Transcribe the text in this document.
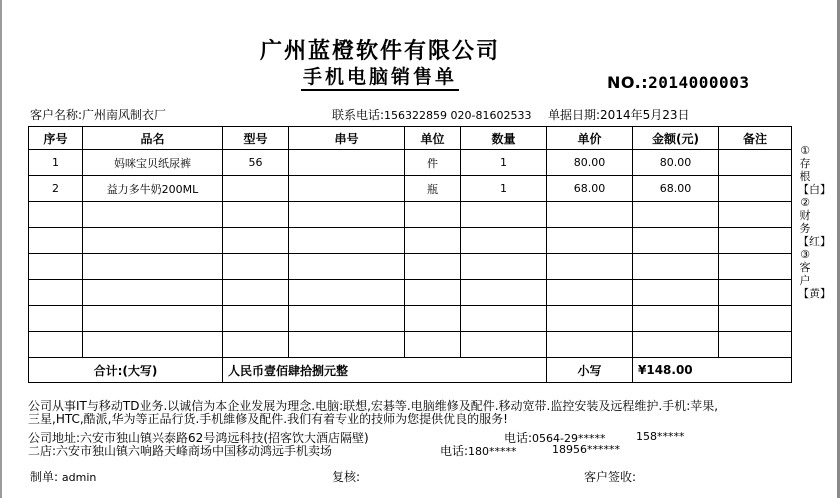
广州蓝橙软件有限公司
手机电脑销售单	NO.:2014000003
客户名称:广州南风制衣厂	联系电话:156322859 020-81602533 单据日期:2014年5月23日
序号	品名	型号	串号	单位	数量	单价	金额(元)	备注
1	妈咪宝贝纸尿裤	56		件	1	80.00	80.00	
2	益力多牛奶200ML			瓶	1	68.00	68.00	

合计:(大写)		人民币壹佰肆拾捌元整				小写	¥148.00	
①存根【白】②财务【红】③客户【黄】
公司从事IT与移动TD业务.以诚信为本企业发展为理念.电脑:联想,宏碁等.电脑维修及配件.移动宽带.监控安装及远程维护.手机:苹果,
三星,HTC,酷派,华为等正品行货.手机維修及配件.我们有着专业的技师为您提供优良的服务!
公司地址:六安市独山镇兴泰路62号鸿远科技(招客饮大酒店隔壁)	电话:0564-29*****	158*****
二店:六安市独山镇六响路天峰商场中国移动鸿远手机卖场	电话:180*****	18956******
制单: admin	复核:	客户签收:
